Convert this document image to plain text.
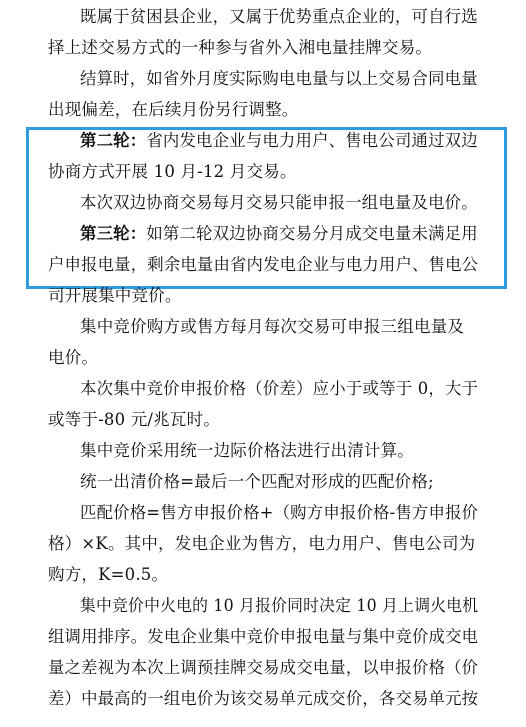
既属于贫困县企业，又属于优势重点企业的，可自行选
择上述交易方式的一种参与省外入湘电量挂牌交易。
结算时，如省外月度实际购电电量与以上交易合同电量
出现偏差，在后续月份另行调整。
第二轮：省内发电企业与电力用户、售电公司通过双边
协商方式开展 10 月-12 月交易。
本次双边协商交易每月交易只能申报一组电量及电价。
第三轮：如第二轮双边协商交易分月成交电量未满足用
户申报电量，剩余电量由省内发电企业与电力用户、售电公
司开展集中竞价。
集中竞价购方或售方每月每次交易可申报三组电量及
电价。
本次集中竞价申报价格（价差）应小于或等于 0，大于
或等于-80 元/兆瓦时。
集中竞价采用统一边际价格法进行出清计算。
统一出清价格=最后一个匹配对形成的匹配价格;
匹配价格=售方申报价格+（购方申报价格-售方申报价
格）×K。其中，发电企业为售方，电力用户、售电公司为
购方，K=0.5。
集中竞价中火电的 10 月报价同时决定 10 月上调火电机
组调用排序。发电企业集中竞价申报电量与集中竞价成交电
量之差视为本次上调预挂牌交易成交电量，以申报价格（价
差）中最高的一组电价为该交易单元成交价，各交易单元按
